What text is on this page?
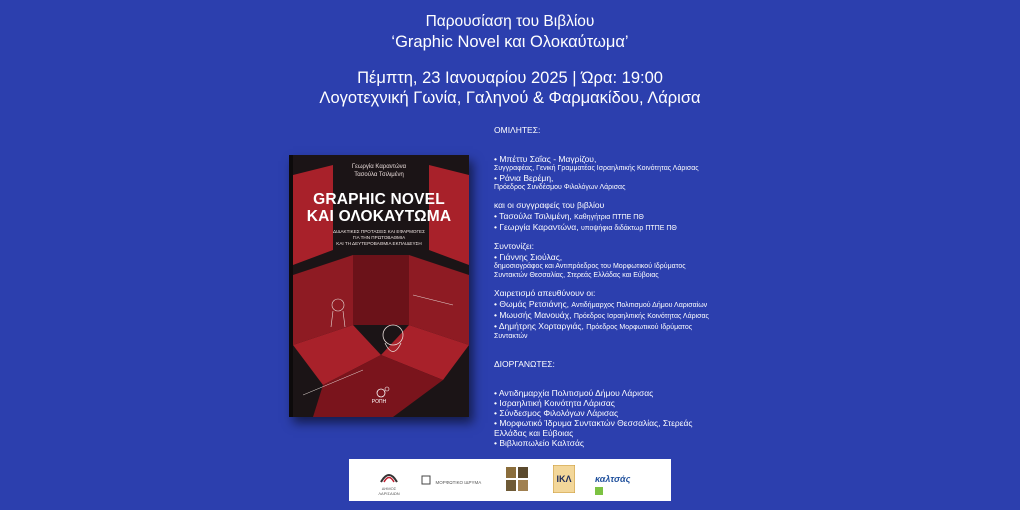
Παρουσίαση του Βιβλίου
‘Graphic Novel και Ολοκαύτωμα’
Πέμπτη, 23 Ιανουαρίου 2025 | Ώρα: 19:00
Λογοτεχνική Γωνία, Γαληνού & Φαρμακίδου, Λάρισα
Γεωργία Καραντώνα
Τασούλα Τσιλιμένη
GRAPHIC NOVEL
ΚΑΙ ΟΛΟΚΑΥΤΩΜΑ
ΔΙΔΑΚΤΙΚΕΣ ΠΡΟΤΑΣΕΙΣ ΚΑΙ ΕΦΑΡΜΟΓΕΣ
ΓΙΑ ΤΗΝ ΠΡΩΤΟΒΑΘΜΙΑ
ΚΑΙ ΤΗ ΔΕΥΤΕΡΟΒΑΘΜΙΑ ΕΚΠΑΙΔΕΥΣΗ
ΡΟΠΗ
ΟΜΙΛΗΤΕΣ:
• Μπέττυ Σαΐας - Μαγρίζου,
Συγγραφέας, Γενική Γραμματέας Ισραηλιτικής Κοινότητας Λάρισας
• Ράνια Βερέμη,
Πρόεδρος Συνδέσμου Φιλολόγων Λάρισας
και οι συγγραφείς του βιβλίου
• Τασούλα Τσιλιμένη, Καθηγήτρια ΠΤΠΕ ΠΘ
• Γεωργία Καραντώνα, υποψήφια διδάκτωρ ΠΤΠΕ ΠΘ
Συντονίζει:
• Γιάννης Σιούλας,
δημοσιογράφος και Αντιπρόεδρος του Μορφωτικού Ιδρύματος
Συντακτών Θεσσαλίας, Στερεάς Ελλάδας και Εύβοιας
Χαιρετισμό απευθύνουν οι:
• Θωμάς Ρετσιάνης, Αντιδήμαρχος Πολιτισμού Δήμου Λαρισαίων
• Μωυσής Μανουάχ, Πρόεδρος Ισραηλιτικής Κοινότητας Λάρισας
• Δημήτρης Χορταργιάς, Πρόεδρος Μορφωτικού Ιδρύματος
Συντακτών
ΔΙΟΡΓΑΝΩΤΕΣ:
• Αντιδημαρχία Πολιτισμού Δήμου Λάρισας
• Ισραηλιτική Κοινότητα Λάρισας
• Σύνδεσμος Φιλολόγων Λάρισας
• Μορφωτικό Ίδρυμα Συντακτών Θεσσαλίας, Στερεάς
Ελλάδας και Εύβοιας
• Βιβλιοπωλείο Καλτσάς
ΔΗΜΟΣ ΛΑΡΙΣΑΙΩΝ
ΜΟΡΦΩΤΙΚΟ ΙΔΡΥΜΑ	ΙΚΛ	καλτσάς
